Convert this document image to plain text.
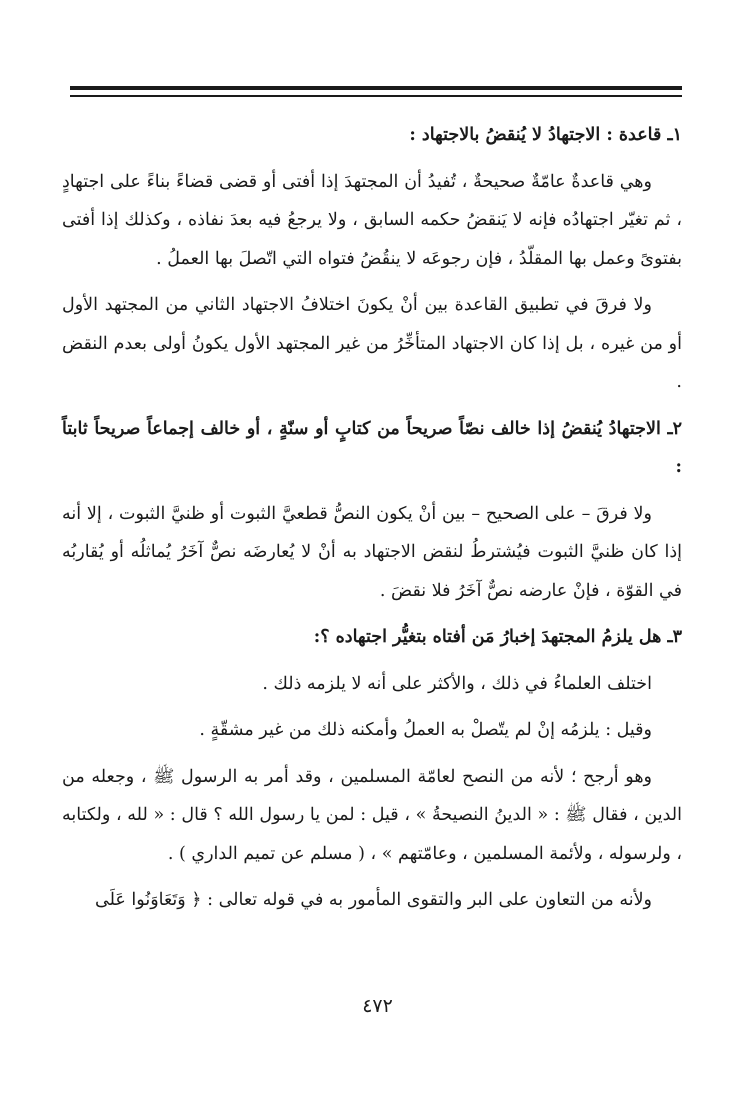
١ـ قاعدة : الاجتهادُ لا يُنقضُ بالاجتهاد :

وهي قاعدةٌ عامّةٌ صحيحةٌ ، تُفيدُ أن المجتهدَ إذا أفتى أو قضى قضاءً بناءً على اجتهادٍ ، ثم تغيّر اجتهادُه فإنه لا يَنقضُ حكمه السابق ، ولا يرجعُ فيه بعدَ نفاذه ، وكذلك إذا أفتى بفتوىً وعمل بها المقلّدُ ، فإن رجوعَه لا ينقُضُ فتواه التي اتّصلَ بها العملُ .

ولا فرقَ في تطبيق القاعدة بين أنْ يكونَ اختلافُ الاجتهاد الثاني من المجتهد الأول أو من غيره ، بل إذا كان الاجتهاد المتأخِّرُ من غير المجتهد الأول يكونُ أولى بعدم النقض .

٢ـ الاجتهادُ يُنقضُ إذا خالف نصّاً صريحاً من كتابٍ أو سنّةٍ ، أو خالف إجماعاً صريحاً ثابتاً :

ولا فرقَ – على الصحيح – بين أنْ يكون النصُّ قطعيَّ الثبوت أو ظنيَّ الثبوت ، إلا أنه إذا كان ظنيَّ الثبوت فيُشترطُ لنقض الاجتهاد به أنْ لا يُعارضَه نصٌّ آخَرُ يُماثلُه أو يُقاربُه في القوّة ، فإنْ عارضه نصٌّ آخَرُ فلا نقضَ .

٣ـ هل يلزمُ المجتهدَ إخبارُ مَن أفتاه بتغيُّر اجتهاده ؟:

اختلف العلماءُ في ذلك ، والأكثر على أنه لا يلزمه ذلك .

وقيل : يلزمُه إنْ لم يتّصلْ به العملُ وأمكنه ذلك من غير مشقّةٍ .

وهو أرجح ؛ لأنه من النصح لعامّة المسلمين ، وقد أمر به الرسول ﷺ ، وجعله من الدين ، فقال ﷺ : « الدينُ النصيحةُ » ، قيل : لمن يا رسول الله ؟ قال : « لله ، ولكتابه ، ولرسوله ، ولأئمة المسلمين ، وعامّتهم » ، ( مسلم عن تميم الداري ) .

ولأنه من التعاون على البر والتقوى المأمور به في قوله تعالى : ﴿ وَتَعَاوَنُوا عَلَى

٤٧٢
